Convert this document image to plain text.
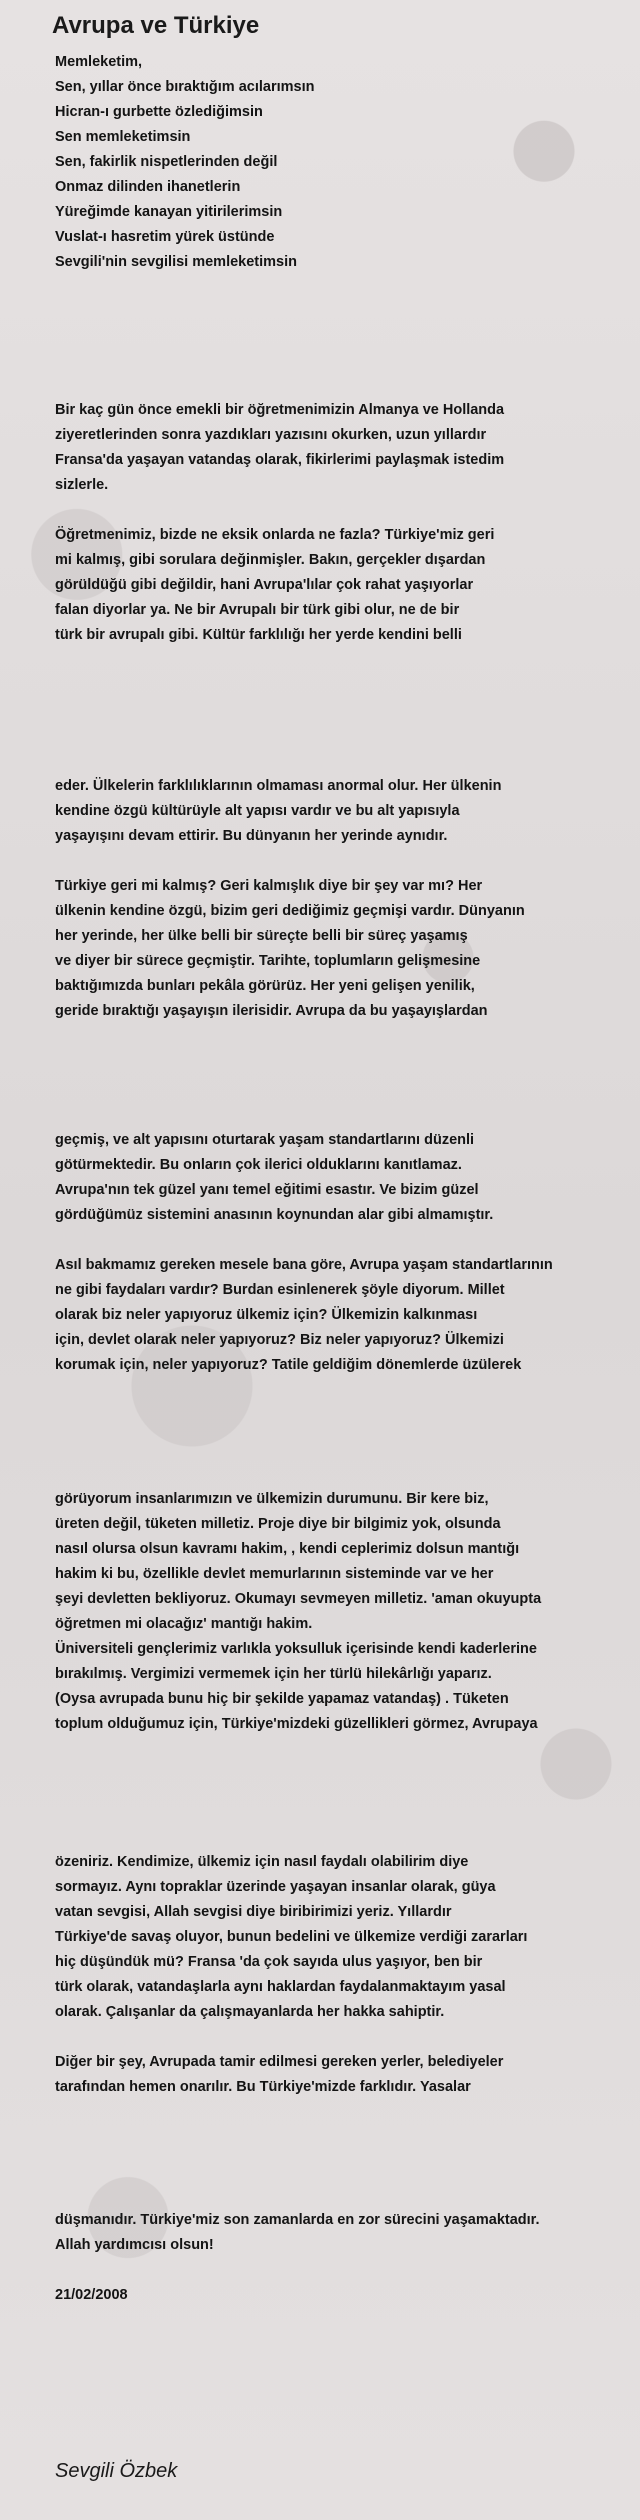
Avrupa ve Türkiye
Memleketim,
Sen, yıllar önce bıraktığım acılarımsın
Hicran-ı gurbette özlediğimsin
Sen memleketimsin
Sen, fakirlik nispetlerinden değil
Onmaz dilinden ihanetlerin
Yüreğimde kanayan yitirilerimsin
Vuslat-ı hasretim yürek üstünde
Sevgili'nin sevgilisi memleketimsin
Bir kaç gün önce emekli bir öğretmenimizin Almanya ve Hollanda
ziyeretlerinden sonra yazdıkları yazısını okurken, uzun yıllardır
Fransa'da yaşayan vatandaş olarak, fikirlerimi paylaşmak istedim
sizlerle.
Öğretmenimiz, bizde ne eksik onlarda ne fazla? Türkiye'miz geri
mi kalmış, gibi sorulara değinmişler. Bakın, gerçekler dışardan
görüldüğü gibi değildir, hani Avrupa'lılar çok rahat yaşıyorlar
falan diyorlar ya. Ne bir Avrupalı bir türk gibi olur, ne de bir
türk bir avrupalı gibi. Kültür farklılığı her yerde kendini belli
eder. Ülkelerin farklılıklarının olmaması anormal olur. Her ülkenin
kendine özgü kültürüyle alt yapısı vardır ve bu alt yapısıyla
yaşayışını devam ettirir. Bu dünyanın her yerinde aynıdır.
Türkiye geri mi kalmış? Geri kalmışlık diye bir şey var mı? Her
ülkenin kendine özgü, bizim geri dediğimiz geçmişi vardır. Dünyanın
her yerinde, her ülke belli bir süreçte belli bir süreç yaşamış
ve diyer bir sürece geçmiştir. Tarihte, toplumların gelişmesine
baktığımızda bunları pekâla görürüz. Her yeni gelişen yenilik,
geride bıraktığı yaşayışın ilerisidir. Avrupa da bu yaşayışlardan
geçmiş, ve alt yapısını oturtarak yaşam standartlarını düzenli
götürmektedir. Bu onların çok ilerici olduklarını kanıtlamaz.
Avrupa'nın tek güzel yanı temel eğitimi esastır. Ve bizim güzel
gördüğümüz sistemini anasının koynundan alar gibi almamıştır.
Asıl bakmamız gereken mesele bana göre, Avrupa yaşam standartlarının
ne gibi faydaları vardır? Burdan esinlenerek şöyle diyorum. Millet
olarak biz neler yapıyoruz ülkemiz için? Ülkemizin kalkınması
için, devlet olarak neler yapıyoruz? Biz neler yapıyoruz? Ülkemizi
korumak için, neler yapıyoruz? Tatile geldiğim dönemlerde üzülerek
görüyorum insanlarımızın ve ülkemizin durumunu. Bir kere biz,
üreten değil, tüketen milletiz. Proje diye bir bilgimiz yok, olsunda
nasıl olursa olsun kavramı hakim, , kendi ceplerimiz dolsun mantığı
hakim ki bu, özellikle devlet memurlarının sisteminde var ve her
şeyi devletten bekliyoruz. Okumayı sevmeyen milletiz. 'aman okuyupta
öğretmen mi olacağız' mantığı hakim.
Üniversiteli gençlerimiz varlıkla yoksulluk içerisinde kendi kaderlerine
bırakılmış. Vergimizi vermemek için her türlü hilekârlığı yaparız.
(Oysa avrupada bunu hiç bir şekilde yapamaz vatandaş) . Tüketen
toplum olduğumuz için, Türkiye'mizdeki güzellikleri görmez, Avrupaya
özeniriz. Kendimize, ülkemiz için nasıl faydalı olabilirim diye
sormayız. Aynı topraklar üzerinde yaşayan insanlar olarak, güya
vatan sevgisi, Allah sevgisi diye biribirimizi yeriz. Yıllardır
Türkiye'de savaş oluyor, bunun bedelini ve ülkemize verdiği zararları
hiç düşündük mü? Fransa 'da çok sayıda ulus yaşıyor, ben bir
türk olarak, vatandaşlarla aynı haklardan faydalanmaktayım yasal
olarak. Çalışanlar da çalışmayanlarda her hakka sahiptir.
Diğer bir şey, Avrupada tamir edilmesi gereken yerler, belediyeler
tarafından hemen onarılır. Bu Türkiye'mizde farklıdır. Yasalar
düşmanıdır. Türkiye'miz son zamanlarda en zor sürecini yaşamaktadır.
Allah yardımcısı olsun!
21/02/2008
Sevgili Özbek
